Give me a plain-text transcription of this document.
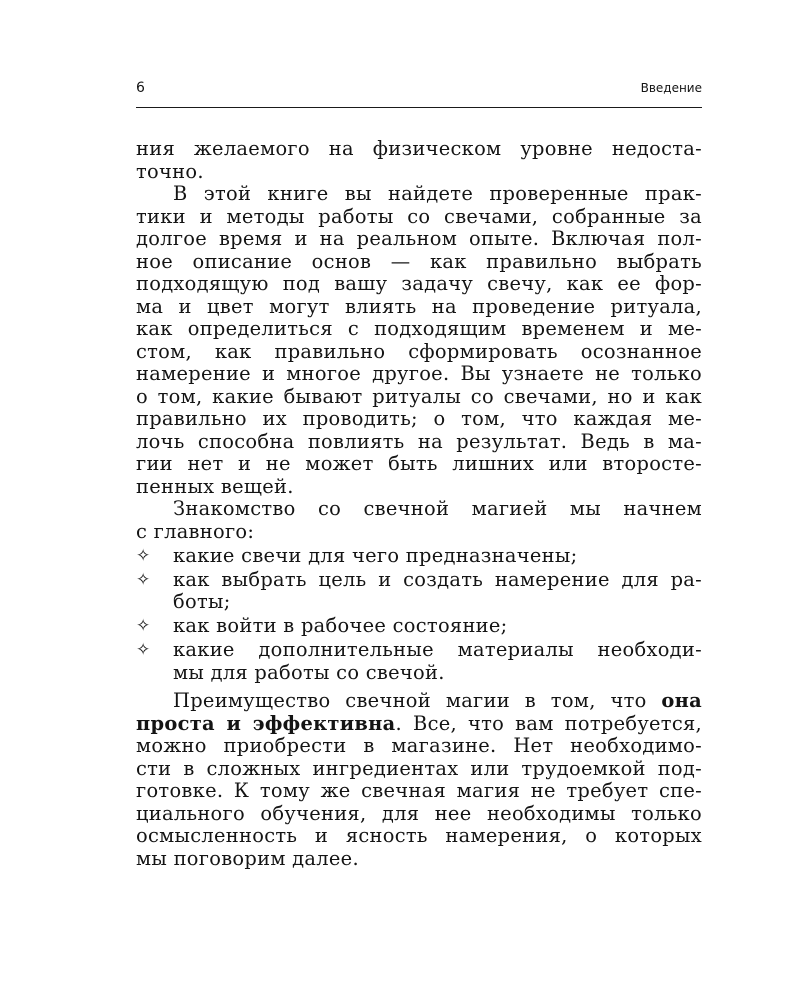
6	Введение
ния желаемого на физическом уровне недоста-
точно.
В этой книге вы найдете проверенные прак-
тики и методы работы со свечами, собранные за
долгое время и на реальном опыте. Включая пол-
ное описание основ — как правильно выбрать
подходящую под вашу задачу свечу, как ее фор-
ма и цвет могут влиять на проведение ритуала,
как определиться с подходящим временем и ме-
стом, как правильно сформировать осознанное
намерение и многое другое. Вы узнаете не только
о том, какие бывают ритуалы со свечами, но и как
правильно их проводить; о том, что каждая ме-
лочь способна повлиять на результат. Ведь в ма-
гии нет и не может быть лишних или второсте-
пенных вещей.
Знакомство со свечной магией мы начнем
с главного:
✧ какие свечи для чего предназначены;
✧ как выбрать цель и создать намерение для ра-
боты;
✧ как войти в рабочее состояние;
✧ какие дополнительные материалы необходи-
мы для работы со свечой.
Преимущество свечной магии в том, что она
проста и эффективна. Все, что вам потребуется,
можно приобрести в магазине. Нет необходимо-
сти в сложных ингредиентах или трудоемкой под-
готовке. К тому же свечная магия не требует спе-
циального обучения, для нее необходимы только
осмысленность и ясность намерения, о которых
мы поговорим далее.
